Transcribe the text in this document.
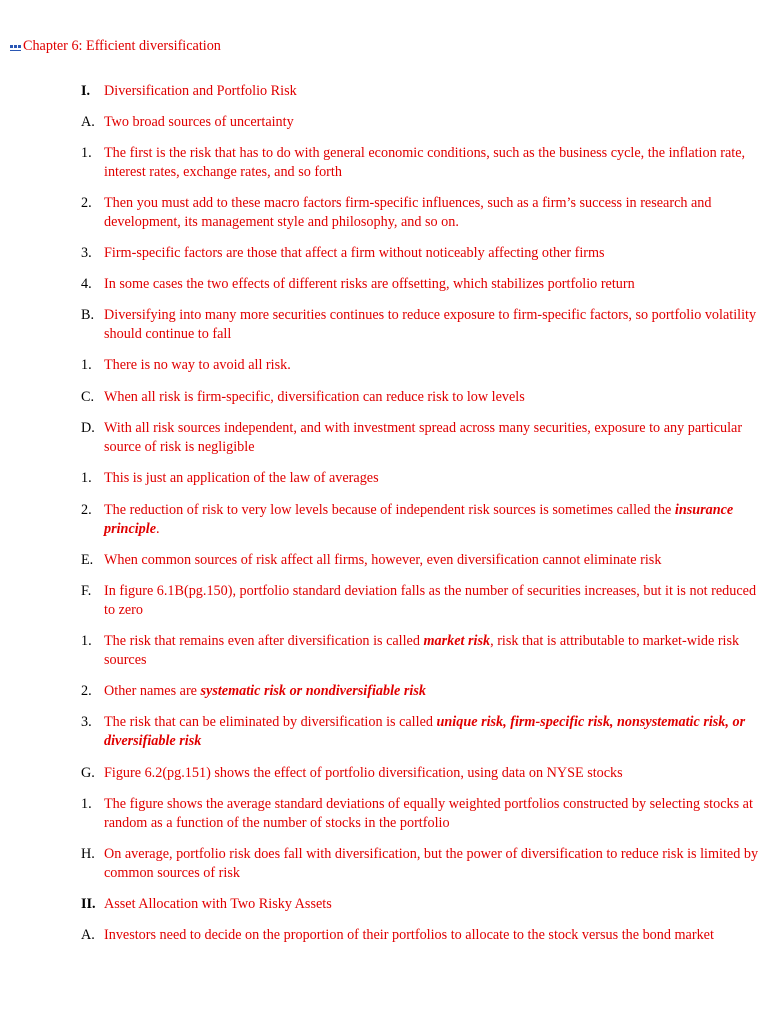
Chapter 6: Efficient diversification
I. Diversification and Portfolio Risk
A. Two broad sources of uncertainty
1. The first is the risk that has to do with general economic conditions, such as the business cycle, the inflation rate, interest rates, exchange rates, and so forth
2. Then you must add to these macro factors firm-specific influences, such as a firm’s success in research and development, its management style and philosophy, and so on.
3. Firm-specific factors are those that affect a firm without noticeably affecting other firms
4. In some cases the two effects of different risks are offsetting, which stabilizes portfolio return
B. Diversifying into many more securities continues to reduce exposure to firm-specific factors, so portfolio volatility should continue to fall
1. There is no way to avoid all risk.
C. When all risk is firm-specific, diversification can reduce risk to low levels
D. With all risk sources independent, and with investment spread across many securities, exposure to any particular source of risk is negligible
1. This is just an application of the law of averages
2. The reduction of risk to very low levels because of independent risk sources is sometimes called the insurance principle.
E. When common sources of risk affect all firms, however, even diversification cannot eliminate risk
F. In figure 6.1B(pg.150), portfolio standard deviation falls as the number of securities increases, but it is not reduced to zero
1. The risk that remains even after diversification is called market risk, risk that is attributable to market-wide risk sources
2. Other names are systematic risk or nondiversifiable risk
3. The risk that can be eliminated by diversification is called unique risk, firm-specific risk, nonsystematic risk, or diversifiable risk
G. Figure 6.2(pg.151) shows the effect of portfolio diversification, using data on NYSE stocks
1. The figure shows the average standard deviations of equally weighted portfolios constructed by selecting stocks at random as a function of the number of stocks in the portfolio
H. On average, portfolio risk does fall with diversification, but the power of diversification to reduce risk is limited by common sources of risk
II. Asset Allocation with Two Risky Assets
A. Investors need to decide on the proportion of their portfolios to allocate to the stock versus the bond market
